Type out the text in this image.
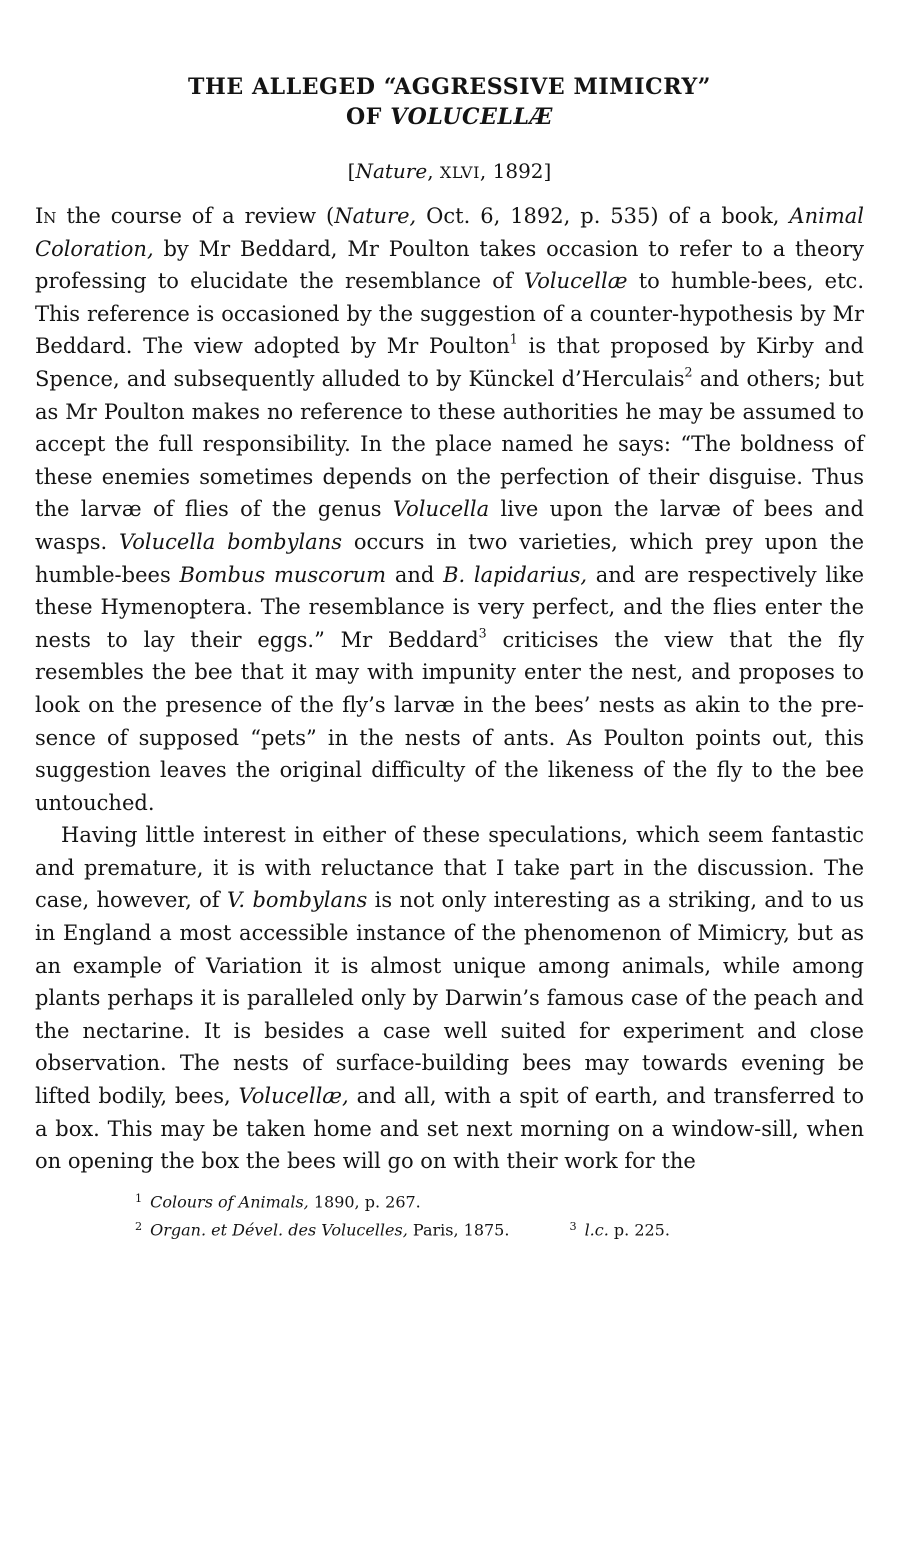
THE ALLEGED “AGGRESSIVE MIMICRY”
OF VOLUCELLÆ
[Nature, XLVI, 1892]

In the course of a review (Nature, Oct. 6, 1892, p. 535) of a book, Animal Coloration, by Mr Beddard, Mr Poulton takes occasion to refer to a theory professing to elucidate the resemblance of Volucellæ to humble-bees, etc. This reference is occasioned by the suggestion of a counter-hypothesis by Mr Beddard. The view adopted by Mr Poulton$^1$ is that proposed by Kirby and Spence, and subsequently alluded to by Künckel d’Herculais$^2$ and others; but as Mr Poulton makes no reference to these authorities he may be assumed to accept the full responsibility. In the place named he says: “The boldness of these enemies sometimes depends on the perfection of their disguise. Thus the larvæ of flies of the genus Volucella live upon the larvæ of bees and wasps. Volucella bombylans occurs in two varieties, which prey upon the humble-bees Bombus muscorum and B. lapidarius, and are respectively like these Hymenoptera. The resemblance is very perfect, and the flies enter the nests to lay their eggs.” Mr Beddard$^3$ criticises the view that the fly resembles the bee that it may with impunity enter the nest, and proposes to look on the presence of the fly’s larvæ in the bees’ nests as akin to the presence of supposed “pets” in the nests of ants. As Poulton points out, this suggestion leaves the original difficulty of the likeness of the fly to the bee untouched.

Having little interest in either of these speculations, which seem fantastic and premature, it is with reluctance that I take part in the discussion. The case, however, of V. bombylans is not only interesting as a striking, and to us in England a most accessible instance of the phenomenon of Mimicry, but as an example of Variation it is almost unique among animals, while among plants perhaps it is paralleled only by Darwin’s famous case of the peach and the nectarine. It is besides a case well suited for experiment and close observation. The nests of surface-building bees may towards evening be lifted bodily, bees, Volucellæ, and all, with a spit of earth, and transferred to a box. This may be taken home and set next morning on a window-sill, when on opening the box the bees will go on with their work for the

$^1$ Colours of Animals, 1890, p. 267.
$^2$ Organ. et Dével. des Volucelles, Paris, 1875.	$^3$ l.c. p. 225.
